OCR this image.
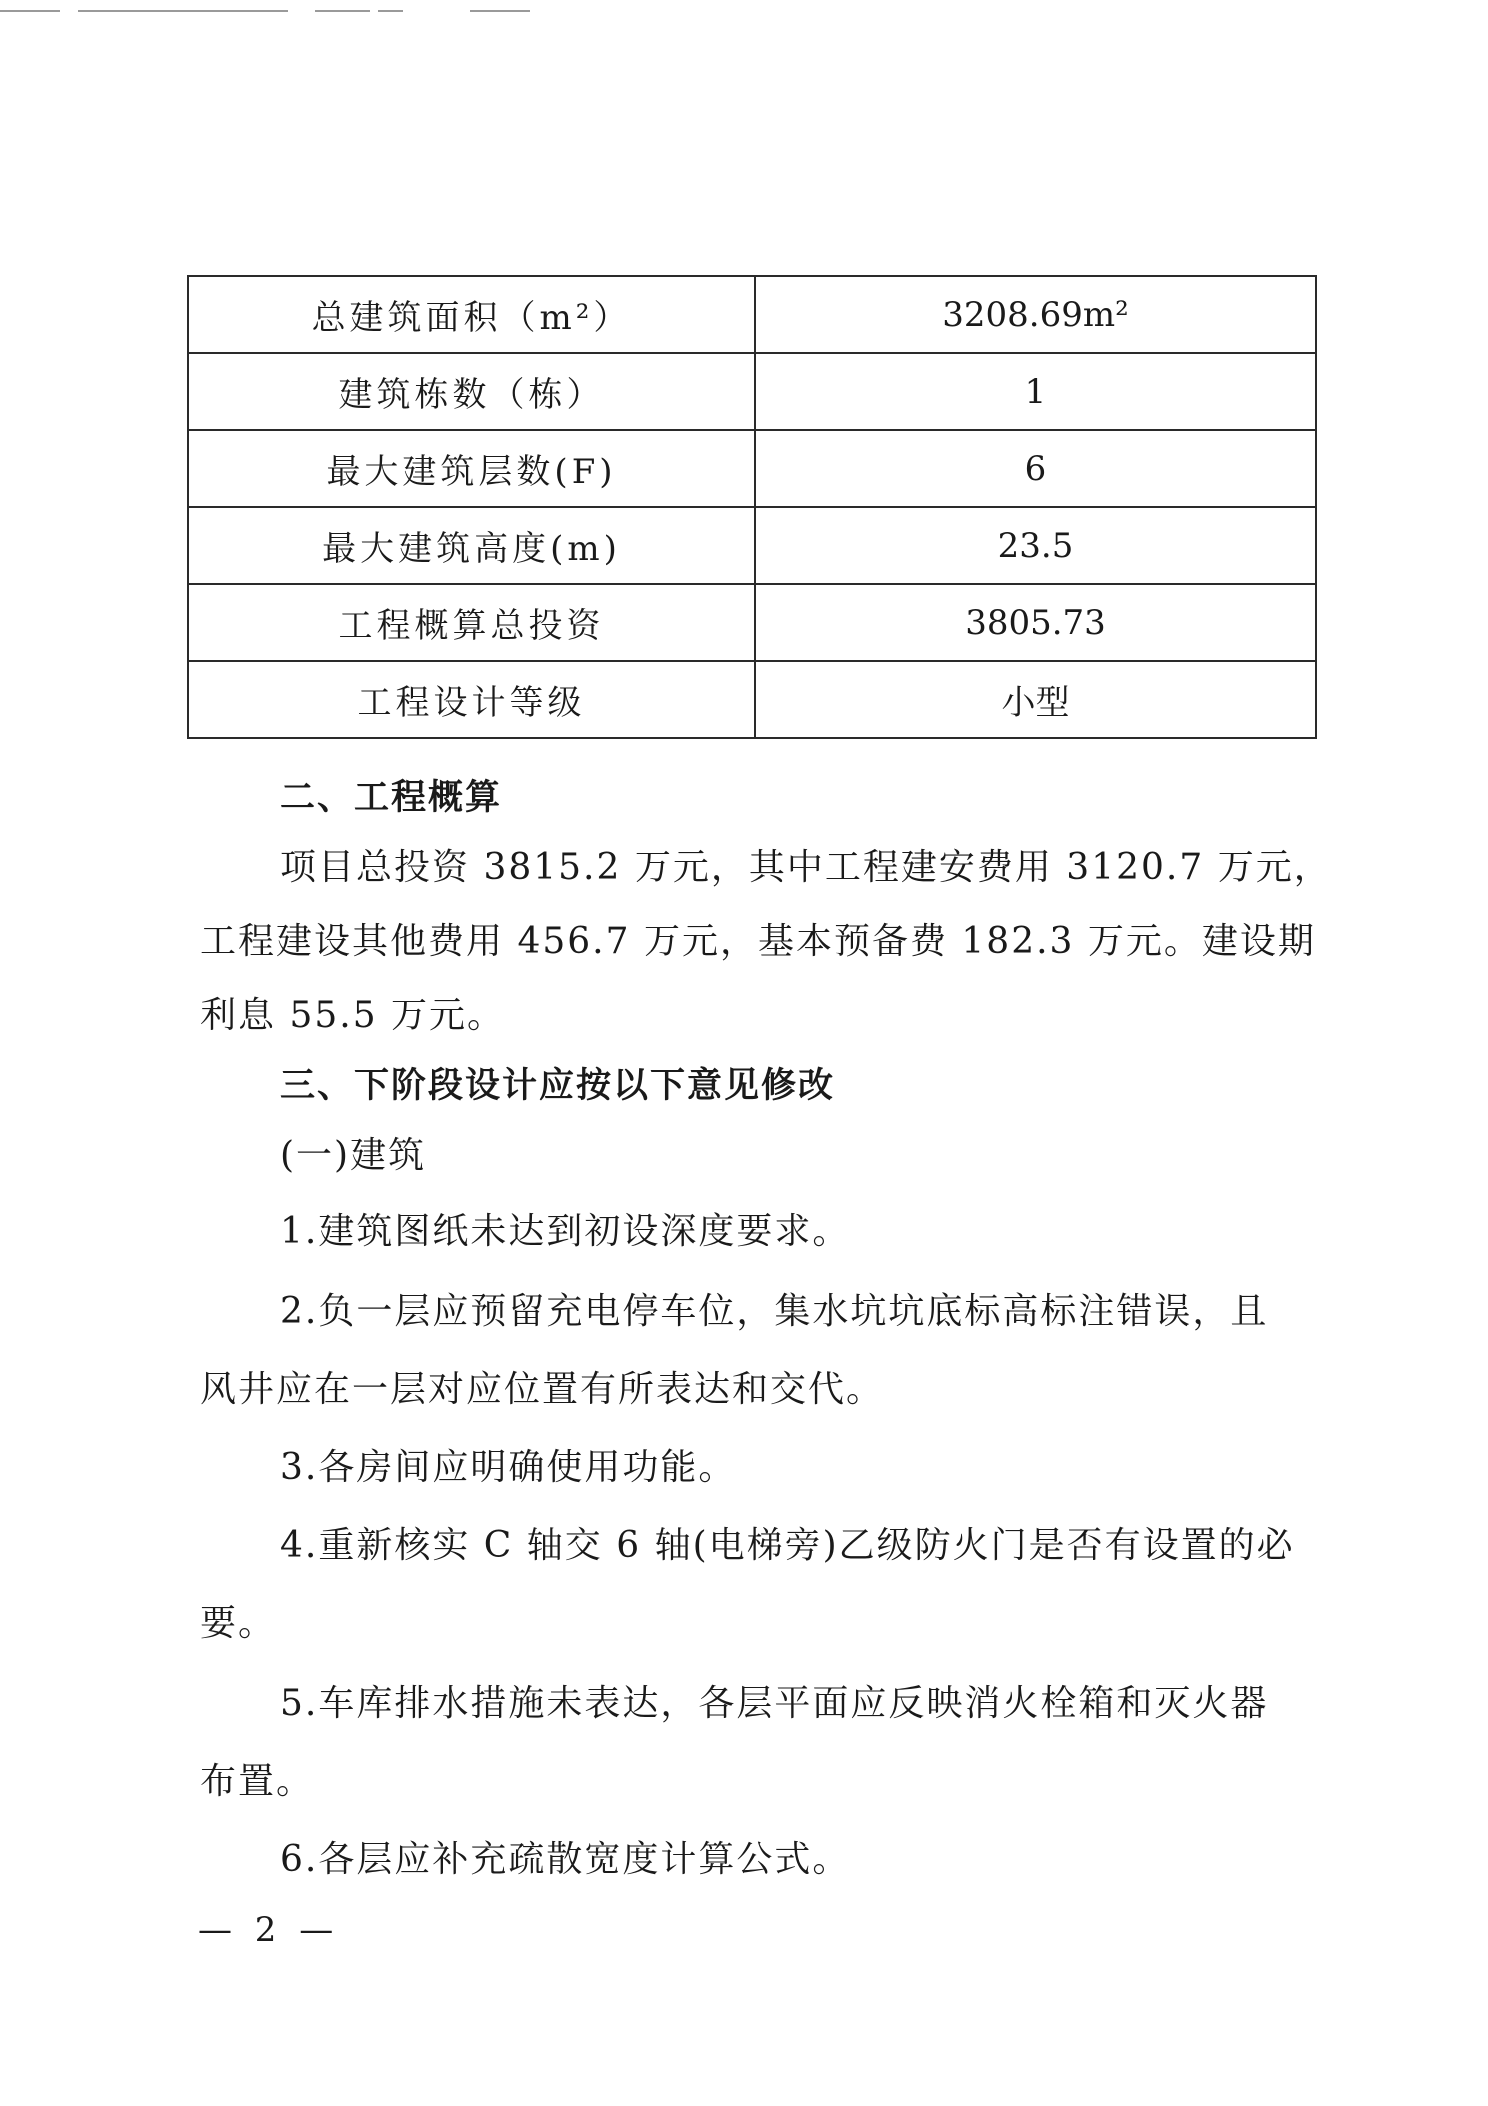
总建筑面积（m²）	3208.69m²
建筑栋数（栋）	1
最大建筑层数(F)	6
最大建筑高度(m)	23.5
工程概算总投资	3805.73
工程设计等级	小型

二、工程概算

项目总投资 3815.2 万元，其中工程建安费用 3120.7 万元，

工程建设其他费用 456.7 万元，基本预备费 182.3 万元。建设期

利息 55.5 万元。

三、下阶段设计应按以下意见修改

(一)建筑

1.建筑图纸未达到初设深度要求。

2.负一层应预留充电停车位，集水坑坑底标高标注错误，且

风井应在一层对应位置有所表达和交代。

3.各房间应明确使用功能。

4.重新核实 C 轴交 6 轴(电梯旁)乙级防火门是否有设置的必

要。

5.车库排水措施未表达，各层平面应反映消火栓箱和灭火器

布置。

6.各层应补充疏散宽度计算公式。

— 2 —
